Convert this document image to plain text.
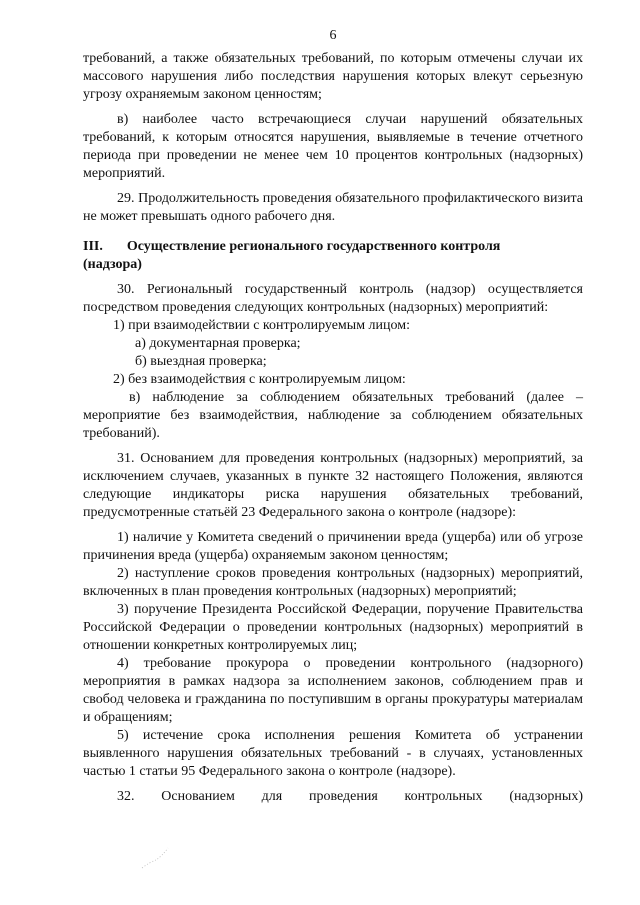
6

требований, а также обязательных требований, по которым отмечены случаи их массового нарушения либо последствия нарушения которых влекут серьезную угрозу охраняемым законом ценностям;

в) наиболее часто встречающиеся случаи нарушений обязательных требований, к которым относятся нарушения, выявляемые в течение отчетного периода при проведении не менее чем 10 процентов контрольных (надзорных) мероприятий.

29. Продолжительность проведения обязательного профилактического визита не может превышать одного рабочего дня.

III. Осуществление регионального государственного контроля

(надзора)

30. Региональный государственный контроль (надзор) осуществляется посредством проведения следующих контрольных (надзорных) мероприятий:

1) при взаимодействии с контролируемым лицом:

а) документарная проверка;

б) выездная проверка;

2) без взаимодействия с контролируемым лицом:

в) наблюдение за соблюдением обязательных требований (далее – мероприятие без взаимодействия, наблюдение за соблюдением обязательных требований).

31. Основанием для проведения контрольных (надзорных) мероприятий, за исключением случаев, указанных в пункте 32 настоящего Положения, являются следующие индикаторы риска нарушения обязательных требований, предусмотренные статьёй 23 Федерального закона о контроле (надзоре):

1) наличие у Комитета сведений о причинении вреда (ущерба) или об угрозе причинения вреда (ущерба) охраняемым законом ценностям;

2) наступление сроков проведения контрольных (надзорных) мероприятий, включенных в план проведения контрольных (надзорных) мероприятий;

3) поручение Президента Российской Федерации, поручение Правительства Российской Федерации о проведении контрольных (надзорных) мероприятий в отношении конкретных контролируемых лиц;

4) требование прокурора о проведении контрольного (надзорного) мероприятия в рамках надзора за исполнением законов, соблюдением прав и свобод человека и гражданина по поступившим в органы прокуратуры материалам и обращениям;

5) истечение срока исполнения решения Комитета об устранении выявленного нарушения обязательных требований - в случаях, установленных частью 1 статьи 95 Федерального закона о контроле (надзоре).

32. Основанием для проведения контрольных (надзорных)
